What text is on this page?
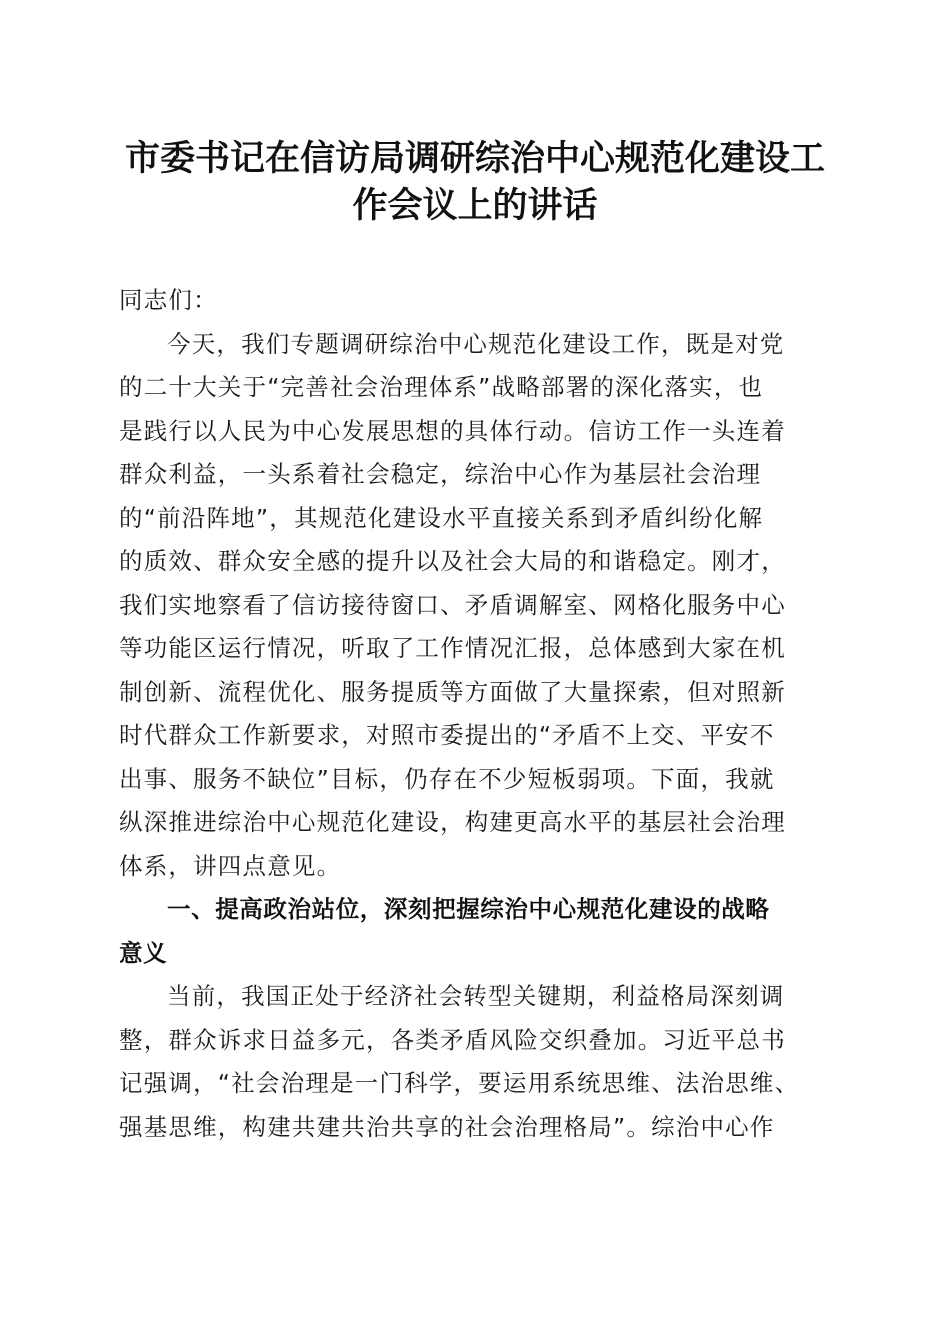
市委书记在信访局调研综治中心规范化建设工
作会议上的讲话
同志们：
今天，我们专题调研综治中心规范化建设工作，既是对党
的二十大关于“完善社会治理体系”战略部署的深化落实，也
是践行以人民为中心发展思想的具体行动。信访工作一头连着
群众利益，一头系着社会稳定，综治中心作为基层社会治理
的“前沿阵地”，其规范化建设水平直接关系到矛盾纠纷化解
的质效、群众安全感的提升以及社会大局的和谐稳定。刚才，
我们实地察看了信访接待窗口、矛盾调解室、网格化服务中心
等功能区运行情况，听取了工作情况汇报，总体感到大家在机
制创新、流程优化、服务提质等方面做了大量探索，但对照新
时代群众工作新要求，对照市委提出的“矛盾不上交、平安不
出事、服务不缺位”目标，仍存在不少短板弱项。下面，我就
纵深推进综治中心规范化建设，构建更高水平的基层社会治理
体系，讲四点意见。
一、提高政治站位，深刻把握综治中心规范化建设的战略
意义
当前，我国正处于经济社会转型关键期，利益格局深刻调
整，群众诉求日益多元，各类矛盾风险交织叠加。习近平总书
记强调，“社会治理是一门科学，要运用系统思维、法治思维、
强基思维，构建共建共治共享的社会治理格局”。综治中心作
